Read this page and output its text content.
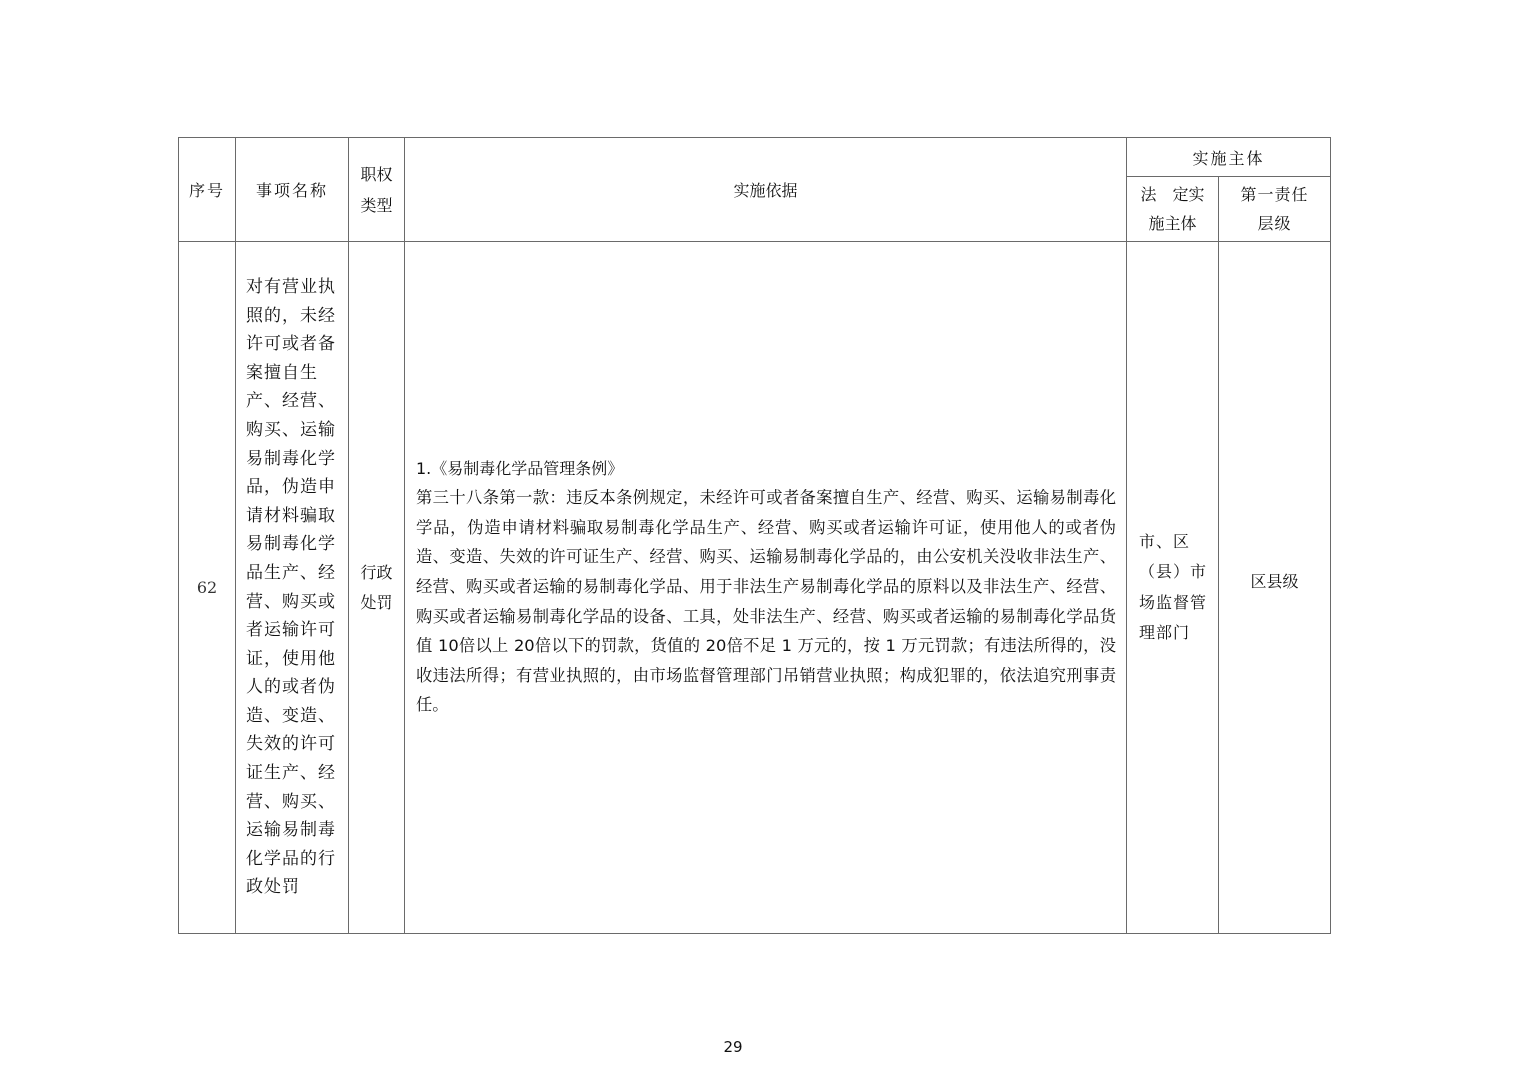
序号	事项名称	职权类型	实施依据	实施主体	

				法　定实施主体	第一责任层级

62	对有营业执照的，未经许可或者备案擅自生产、经营、购买、运输易制毒化学品，伪造申请材料骗取易制毒化学品生产、经营、购买或者运输许可证，使用他人的或者伪造、变造、失效的许可证生产、经营、购买、运输易制毒化学品的行政处罚	行政处罚	1.《易制毒化学品管理条例》
第三十八条第一款：违反本条例规定，未经许可或者备案擅自生产、经营、购买、运输易制毒化学品，伪造申请材料骗取易制毒化学品生产、经营、购买或者运输许可证，使用他人的或者伪造、变造、失效的许可证生产、经营、购买、运输易制毒化学品的，由公安机关没收非法生产、经营、购买或者运输的易制毒化学品、用于非法生产易制毒化学品的原料以及非法生产、经营、购买或者运输易制毒化学品的设备、工具，处非法生产、经营、购买或者运输的易制毒化学品货值 10倍以上 20倍以下的罚款，货值的 20倍不足 1 万元的，按 1 万元罚款；有违法所得的，没收违法所得；有营业执照的，由市场监督管理部门吊销营业执照；构成犯罪的，依法追究刑事责任。	市、区（县）市场监督管理部门	区县级
29
